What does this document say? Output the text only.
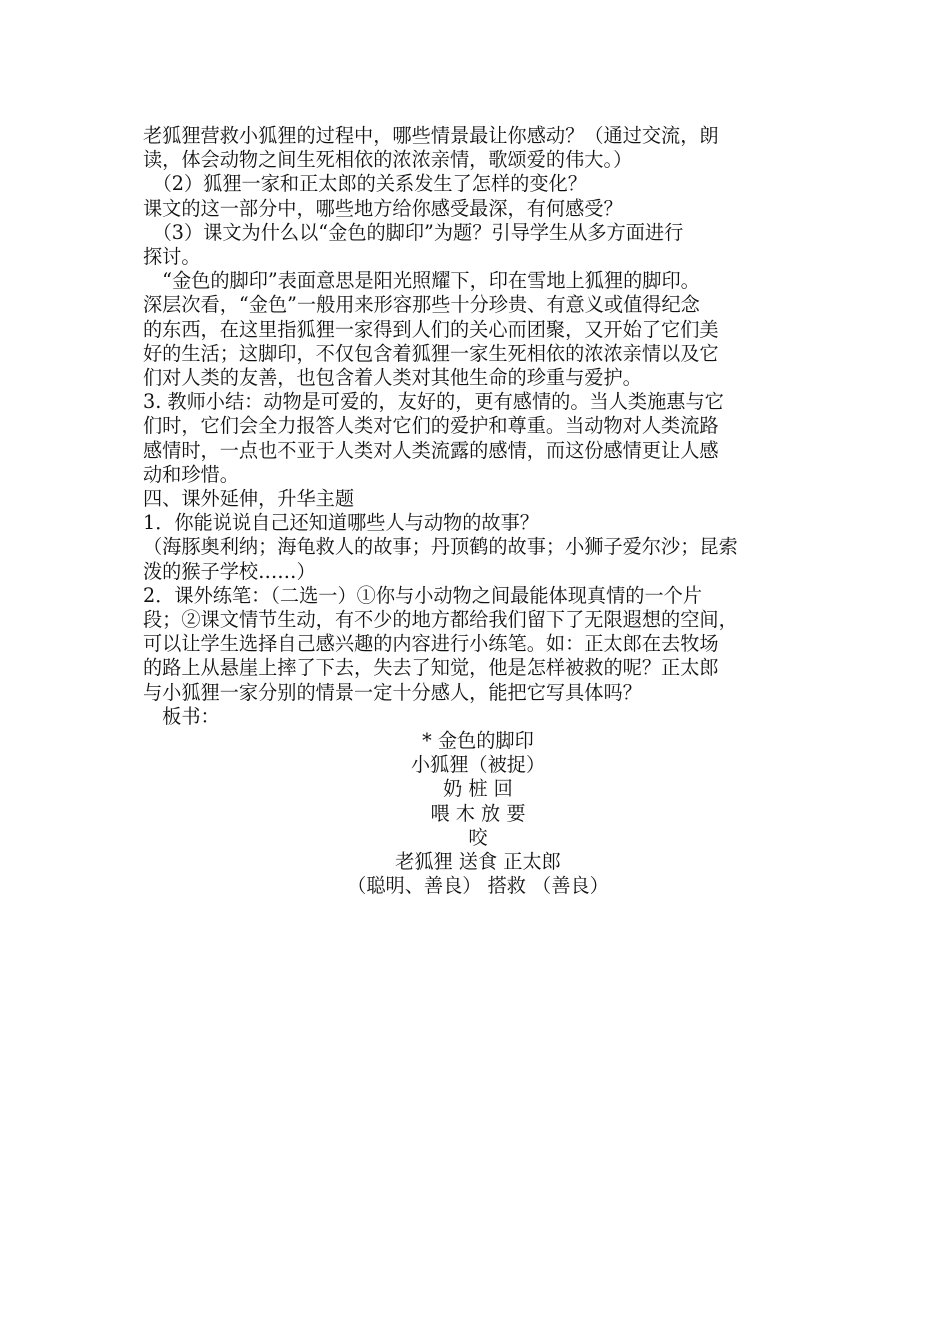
老狐狸营救小狐狸的过程中，哪些情景最让你感动？（通过交流，朗

读，体会动物之间生死相依的浓浓亲情，歌颂爱的伟大。）

　（2）狐狸一家和正太郎的关系发生了怎样的变化？

课文的这一部分中，哪些地方给你感受最深，有何感受？

　（3）课文为什么以“金色的脚印”为题？引导学生从多方面进行

探讨。

　“金色的脚印”表面意思是阳光照耀下，印在雪地上狐狸的脚印。

深层次看，“金色”一般用来形容那些十分珍贵、有意义或值得纪念

的东西，在这里指狐狸一家得到人们的关心而团聚，又开始了它们美

好的生活；这脚印，不仅包含着狐狸一家生死相依的浓浓亲情以及它

们对人类的友善，也包含着人类对其他生命的珍重与爱护。

3. 教师小结：动物是可爱的，友好的，更有感情的。当人类施惠与它

们时，它们会全力报答人类对它们的爱护和尊重。当动物对人类流路

感情时，一点也不亚于人类对人类流露的感情，而这份感情更让人感

动和珍惜。

四、课外延伸，升华主题

1．你能说说自己还知道哪些人与动物的故事？

（海豚奥利纳；海龟救人的故事；丹顶鹤的故事；小狮子爱尔沙；昆索

泼的猴子学校……）

2．课外练笔：（二选一）①你与小动物之间最能体现真情的一个片

段；②课文情节生动，有不少的地方都给我们留下了无限遐想的空间，

可以让学生选择自己感兴趣的内容进行小练笔。如：正太郎在去牧场

的路上从悬崖上摔了下去，失去了知觉，他是怎样被救的呢？正太郎

与小狐狸一家分别的情景一定十分感人，能把它写具体吗？

　板书：

* 金色的脚印

小狐狸（被捉）

奶 桩 回

喂 木 放 要

咬

老狐狸 送食 正太郎

（聪明、善良） 搭救 （善良）
